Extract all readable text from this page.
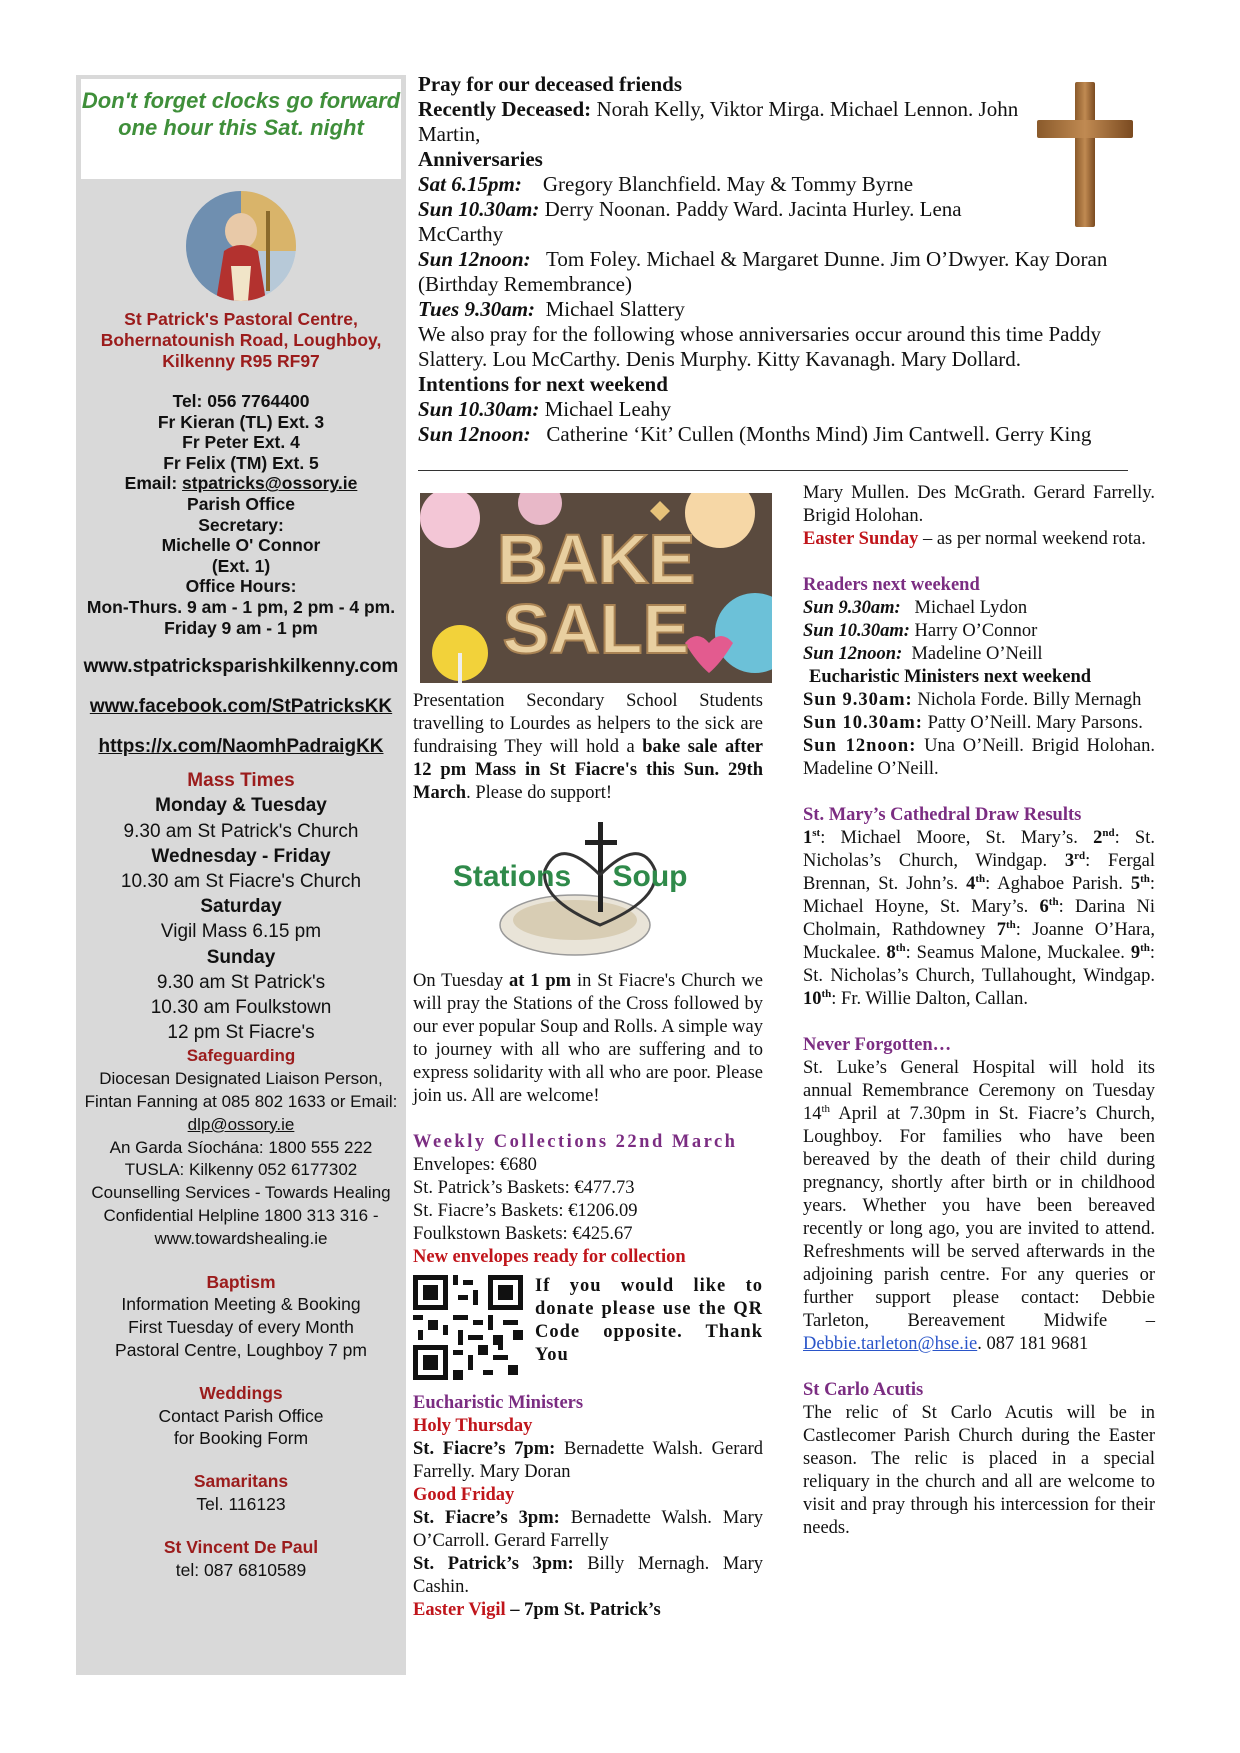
Don't forget clocks go forward one hour this Sat. night
St Patrick's Pastoral Centre,
Bohernatounish Road, Loughboy,
Kilkenny R95 RF97
Tel: 056 7764400
Fr Kieran (TL) Ext. 3
Fr Peter Ext. 4
Fr Felix (TM) Ext. 5
Email: stpatricks@ossory.ie
Parish Office
Secretary:
Michelle O' Connor
(Ext. 1)
Office Hours:
Mon-Thurs. 9 am - 1 pm, 2 pm - 4 pm.
Friday 9 am - 1 pm
www.stpatricksparishkilkenny.com
www.facebook.com/StPatricksKK
https://x.com/NaomhPadraigKK
Mass Times
Monday & Tuesday
9.30 am St Patrick's Church
Wednesday - Friday
10.30 am St Fiacre's Church
Saturday
Vigil Mass 6.15 pm
Sunday
9.30 am St Patrick's
10.30 am Foulkstown
12 pm St Fiacre's
Safeguarding
Diocesan Designated Liaison Person,
Fintan Fanning at 085 802 1633 or Email:
dlp@ossory.ie
An Garda Síochána: 1800 555 222
TUSLA: Kilkenny 052 6177302
Counselling Services - Towards Healing
Confidential Helpline 1800 313 316 -
www.towardshealing.ie
Baptism
Information Meeting & Booking
First Tuesday of every Month
Pastoral Centre, Loughboy 7 pm
Weddings
Contact Parish Office
for Booking Form
Samaritans
Tel. 116123
St Vincent De Paul
tel: 087 6810589

Pray for our deceased friends

Recently Deceased: Norah Kelly, Viktor Mirga. Michael Lennon. John Martin,

Anniversaries

Sat 6.15pm:    Gregory Blanchfield. May & Tommy Byrne

Sun 10.30am: Derry Noonan. Paddy Ward. Jacinta Hurley. Lena McCarthy

Sun 12noon:   Tom Foley. Michael & Margaret Dunne. Jim O’Dwyer. Kay Doran (Birthday Remembrance)

Tues 9.30am:  Michael Slattery

We also pray for the following whose anniversaries occur around this time Paddy Slattery. Lou McCarthy. Denis Murphy. Kitty Kavanagh. Mary Dollard.

Intentions for next weekend

Sun 10.30am: Michael Leahy

Sun 12noon:   Catherine ‘Kit’ Cullen (Months Mind) Jim Cantwell. Gerry King

BAKE
SALE

Presentation Secondary School Students travelling to Lourdes as helpers to the sick are fundraising They will hold a bake sale after 12 pm Mass in St Fiacre's this Sun. 29th March. Please do support!

Stations Soup

On Tuesday at 1 pm in St Fiacre's Church we will pray the Stations of the Cross followed by our ever popular Soup and Rolls. A simple way to journey with all who are suffering and to express solidarity with all who are poor. Please join us. All are welcome!

Weekly Collections 22nd March

Envelopes: €680

St. Patrick’s Baskets: €477.73

St. Fiacre’s Baskets: €1206.09

Foulkstown Baskets: €425.67

New envelopes ready for collection

If you would like to donate please use the QR Code opposite. Thank You

Eucharistic Ministers

Holy Thursday

St. Fiacre’s 7pm: Bernadette Walsh. Gerard Farrelly. Mary Doran

Good Friday

St. Fiacre’s 3pm: Bernadette Walsh. Mary O’Carroll. Gerard Farrelly

St. Patrick’s 3pm: Billy Mernagh. Mary Cashin.

Easter Vigil – 7pm St. Patrick’s

Mary Mullen. Des McGrath. Gerard Farrelly. Brigid Holohan.

Easter Sunday – as per normal weekend rota.

Readers next weekend

Sun 9.30am:   Michael Lydon

Sun 10.30am: Harry O’Connor

Sun 12noon:  Madeline O’Neill

Eucharistic Ministers next weekend

Sun 9.30am: Nichola Forde. Billy Mernagh

Sun 10.30am: Patty O’Neill. Mary Parsons.

Sun 12noon: Una O’Neill. Brigid Holohan. Madeline O’Neill.

St. Mary’s Cathedral Draw Results

1st: Michael Moore, St. Mary’s. 2nd: St. Nicholas’s Church, Windgap. 3rd: Fergal Brennan, St. John’s. 4th: Aghaboe Parish. 5th: Michael Hoyne, St. Mary’s. 6th: Darina Ni Cholmain, Rathdowney 7th: Joanne O’Hara, Muckalee. 8th: Seamus Malone, Muckalee. 9th: St. Nicholas’s Church, Tullahought, Windgap. 10th: Fr. Willie Dalton, Callan.

Never Forgotten…

St. Luke’s General Hospital will hold its annual Remembrance Ceremony on Tuesday 14th April at 7.30pm in St. Fiacre’s Church, Loughboy. For families who have been bereaved by the death of their child during pregnancy, shortly after birth or in childhood years. Whether you have been bereaved recently or long ago, you are invited to attend. Refreshments will be served afterwards in the adjoining parish centre. For any queries or further support please contact: Debbie Tarleton, Bereavement Midwife – Debbie.tarleton@hse.ie. 087 181 9681

St Carlo Acutis

The relic of St Carlo Acutis will be in Castlecomer Parish Church during the Easter season. The relic is placed in a special reliquary in the church and all are welcome to visit and pray through his intercession for their needs.
